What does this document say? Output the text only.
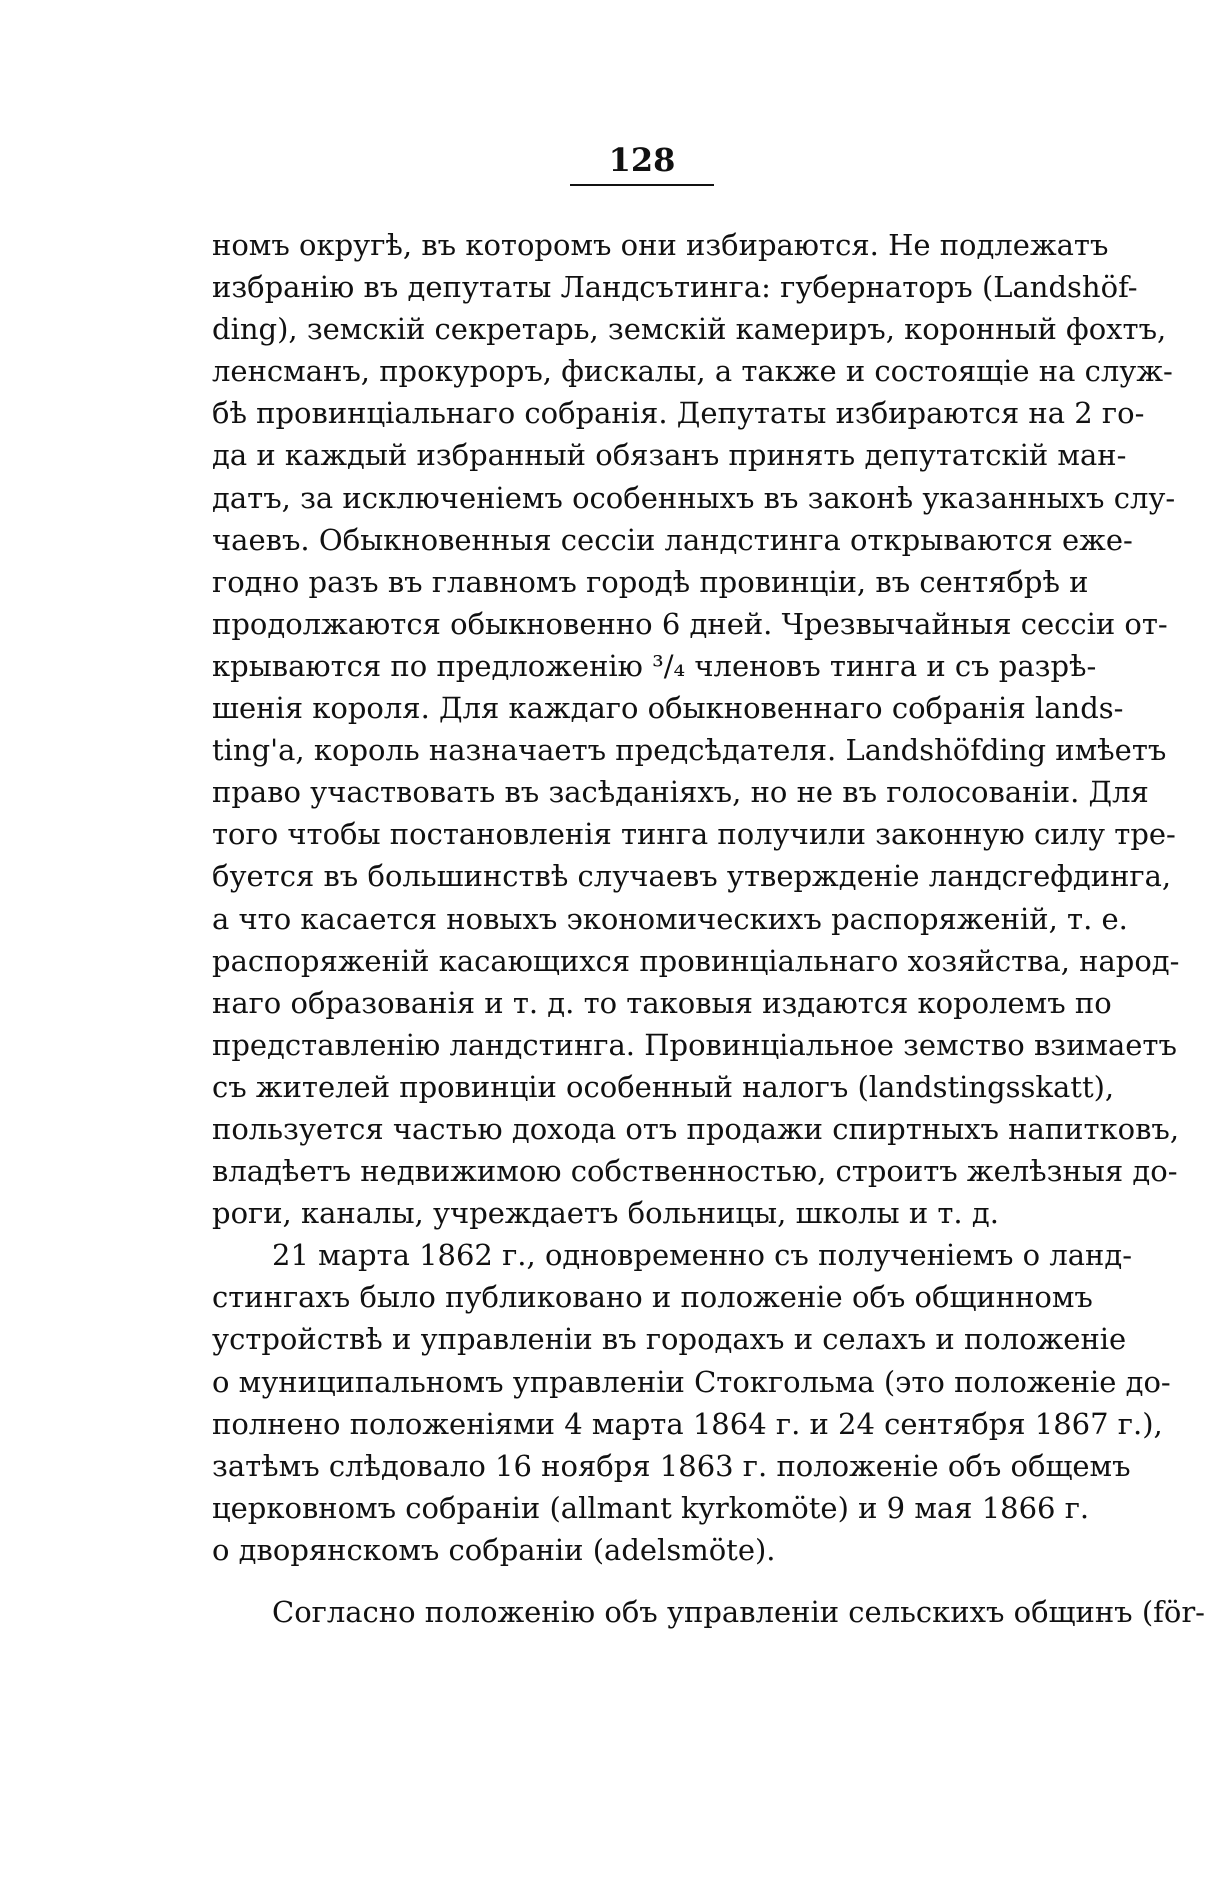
128
номъ округѣ, въ которомъ они избираются. Не подлежатъ
избранію въ депутаты Ландсътинга: губернаторъ (Landshöf-
ding), земскій секретарь, земскій камериръ, коронный фохтъ,
ленсманъ, прокуроръ, фискалы, а также и состоящіе на служ-
бѣ провинціальнаго собранія. Депутаты избираются на 2 го-
да и каждый избранный обязанъ принять депутатскій ман-
датъ, за исключеніемъ особенныхъ въ законѣ указанныхъ слу-
чаевъ. Обыкновенныя сессіи ландстинга открываются еже-
годно разъ въ главномъ городѣ провинціи, въ сентябрѣ и
продолжаются обыкновенно 6 дней. Чрезвычайныя сессіи от-
крываются по предложенію ³/₄ членовъ тинга и съ разрѣ-
шенія короля. Для каждаго обыкновеннаго собранія lands-
ting'а, король назначаетъ предсѣдателя. Landshöfding имѣетъ
право участвовать въ засѣданіяхъ, но не въ голосованіи. Для
того чтобы постановленія тинга получили законную силу тре-
буется въ большинствѣ случаевъ утвержденіе ландсгефдинга,
а что касается новыхъ экономическихъ распоряженій, т. е.
распоряженій касающихся провинціальнаго хозяйства, народ-
наго образованія и т. д. то таковыя издаются королемъ по
представленію ландстинга. Провинціальное земство взимаетъ
съ жителей провинціи особенный налогъ (landstingsskatt),
пользуется частью дохода отъ продажи спиртныхъ напитковъ,
владѣетъ недвижимою собственностью, строитъ желѣзныя до-
роги, каналы, учреждаетъ больницы, школы и т. д.
21 марта 1862 г., одновременно съ полученіемъ о ланд-
стингахъ было публиковано и положеніе объ общинномъ
устройствѣ и управленіи въ городахъ и селахъ и положеніе
о муниципальномъ управленіи Стокгольма (это положеніе до-
полнено положеніями 4 марта 1864 г. и 24 сентября 1867 г.),
затѣмъ слѣдовало 16 ноября 1863 г. положеніе объ общемъ
церковномъ собраніи (allmant kyrkomöte) и 9 мая 1866 г.
о дворянскомъ собраніи (adelsmöte).
Согласно положенію объ управленіи сельскихъ общинъ (för-
